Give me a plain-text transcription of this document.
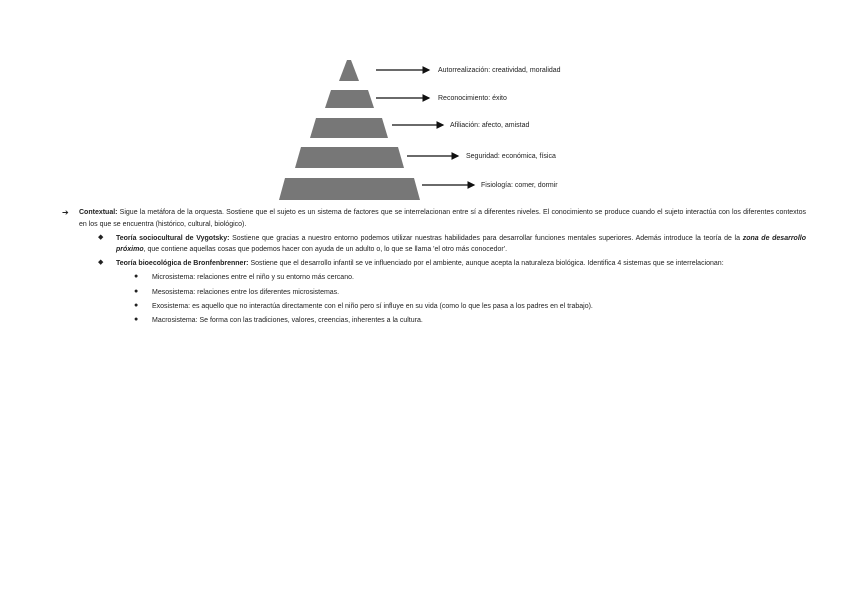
Autorrealización: creatividad, moralidad
Reconocimiento: éxito
Afiliación: afecto, amistad
Seguridad: económica, física
Fisiología: comer, dormir
➔ Contextual: Sigue la metáfora de la orquesta. Sostiene que el sujeto es un sistema de factores que se interrelacionan entre sí a diferentes niveles. El conocimiento se produce cuando el sujeto interactúa con los diferentes contextos en los que se encuentra (histórico, cultural, biológico).
◆ Teoría sociocultural de Vygotsky: Sostiene que gracias a nuestro entorno podemos utilizar nuestras habilidades para desarrollar funciones mentales superiores. Además introduce la teoría de la zona de desarrollo próximo, que contiene aquellas cosas que podemos hacer con ayuda de un adulto o, lo que se llama 'el otro más conocedor'.
◆ Teoría bioecológica de Bronfenbrenner: Sostiene que el desarrollo infantil se ve influenciado por el ambiente, aunque acepta la naturaleza biológica. Identifica 4 sistemas que se interrelacionan:
● Microsistema: relaciones entre el niño y su entorno más cercano.
● Mesosistema: relaciones entre los diferentes microsistemas.
● Exosistema: es aquello que no interactúa directamente con el niño pero sí influye en su vida (como lo que les pasa a los padres en el trabajo).
● Macrosistema: Se forma con las tradiciones, valores, creencias, inherentes a la cultura.
